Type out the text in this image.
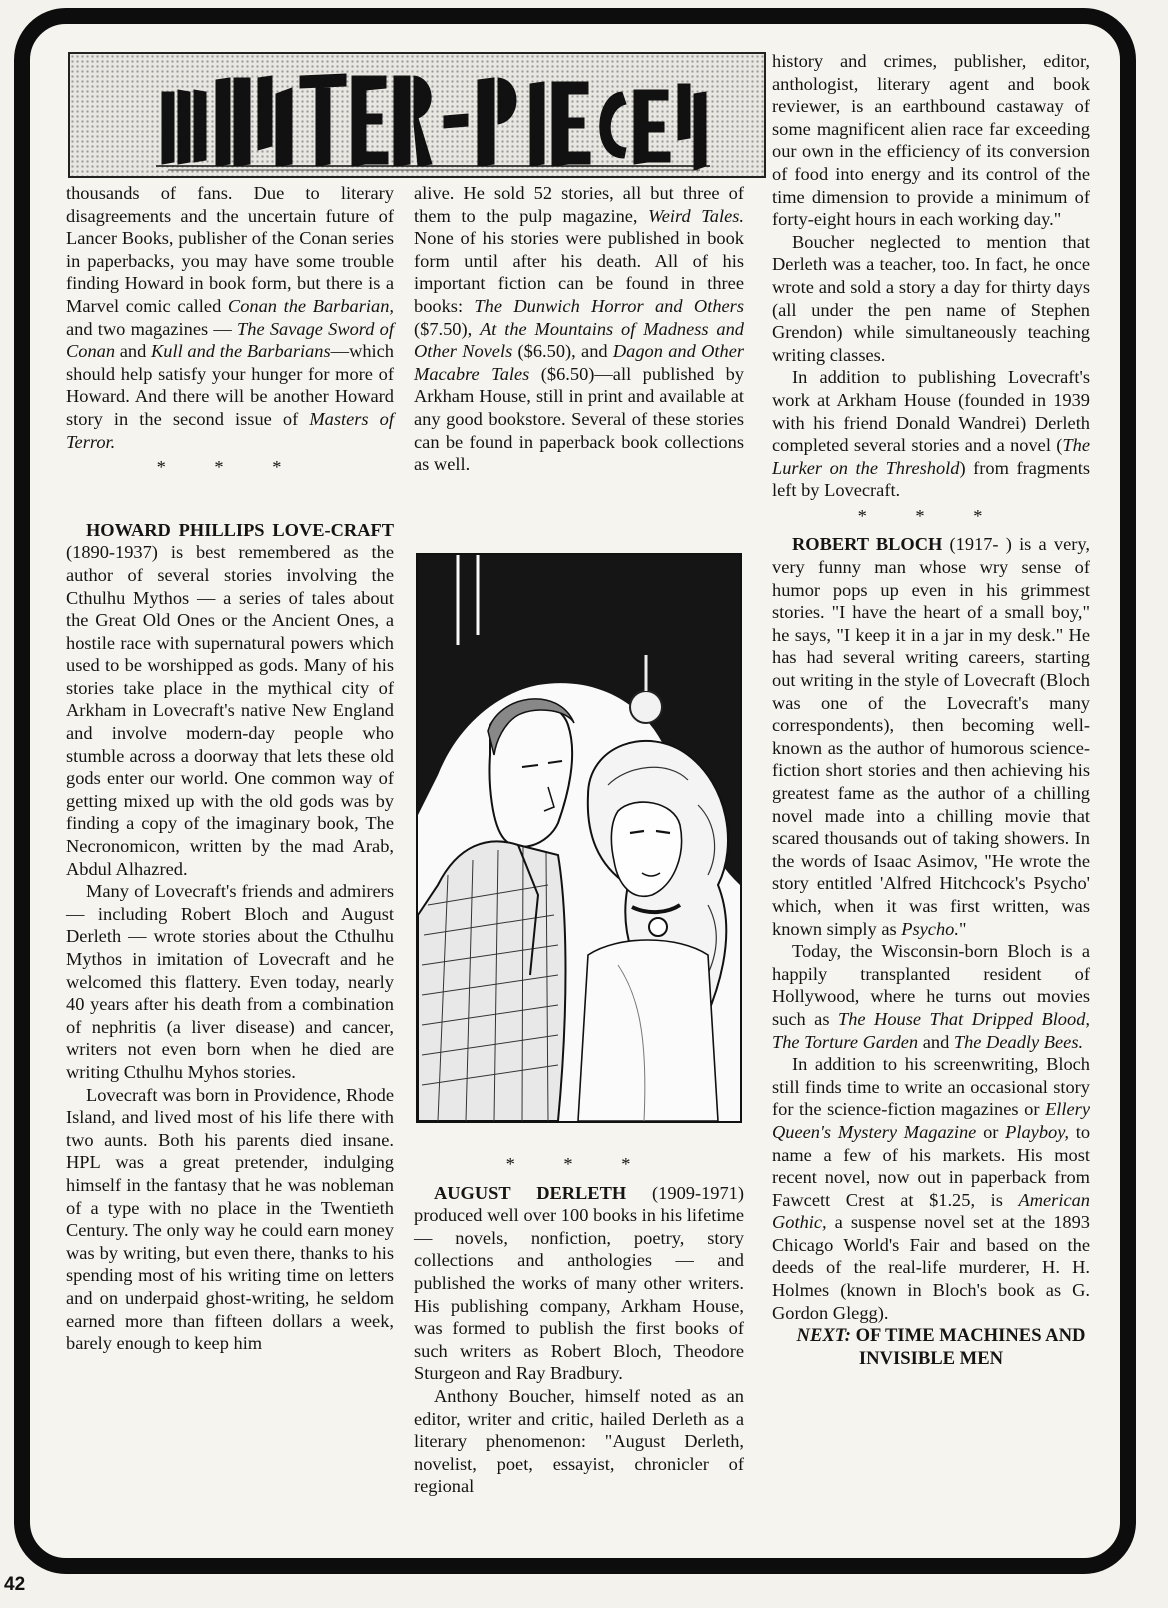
thousands of fans. Due to literary disagreements and the uncertain future of Lancer Books, publisher of the Conan series in paperbacks, you may have some trouble finding Howard in book form, but there is a Marvel comic called Conan the Barbarian, and two magazines — The Savage Sword of Conan and Kull and the Barbarians—which should help satisfy your hunger for more of Howard. And there will be another Howard story in the second issue of Masters of Terror.

* * *

HOWARD PHILLIPS LOVE-CRAFT (1890-1937) is best remembered as the author of several stories involving the Cthulhu Mythos — a series of tales about the Great Old Ones or the Ancient Ones, a hostile race with supernatural powers which used to be worshipped as gods. Many of his stories take place in the mythical city of Arkham in Lovecraft's native New England and involve modern-day people who stumble across a doorway that lets these old gods enter our world. One common way of getting mixed up with the old gods was by finding a copy of the imaginary book, The Necronomicon, written by the mad Arab, Abdul Alhazred.

Many of Lovecraft's friends and admirers — including Robert Bloch and August Derleth — wrote stories about the Cthulhu Mythos in imitation of Lovecraft and he welcomed this flattery. Even today, nearly 40 years after his death from a combination of nephritis (a liver disease) and cancer, writers not even born when he died are writing Cthulhu Myhos stories.

Lovecraft was born in Providence, Rhode Island, and lived most of his life there with two aunts. Both his parents died insane. HPL was a great pretender, indulging himself in the fantasy that he was nobleman of a type with no place in the Twentieth Century. The only way he could earn money was by writing, but even there, thanks to his spending most of his writing time on letters and on underpaid ghost-writing, he seldom earned more than fifteen dollars a week, barely enough to keep him

alive. He sold 52 stories, all but three of them to the pulp magazine, Weird Tales. None of his stories were published in book form until after his death. All of his important fiction can be found in three books: The Dunwich Horror and Others ($7.50), At the Mountains of Madness and Other Novels ($6.50), and Dagon and Other Macabre Tales ($6.50)—all published by Arkham House, still in print and available at any good bookstore. Several of these stories can be found in paperback book collections as well.

* * *

AUGUST DERLETH (1909-1971) produced well over 100 books in his lifetime — novels, nonfiction, poetry, story collections and anthologies — and published the works of many other writers. His publishing company, Arkham House, was formed to publish the first books of such writers as Robert Bloch, Theodore Sturgeon and Ray Bradbury.

Anthony Boucher, himself noted as an editor, writer and critic, hailed Derleth as a literary phenomenon: "August Derleth, novelist, poet, essayist, chronicler of regional

history and crimes, publisher, editor, anthologist, literary agent and book reviewer, is an earthbound castaway of some magnificent alien race far exceeding our own in the efficiency of its conversion of food into energy and its control of the time dimension to provide a minimum of forty-eight hours in each working day."

Boucher neglected to mention that Derleth was a teacher, too. In fact, he once wrote and sold a story a day for thirty days (all under the pen name of Stephen Grendon) while simultaneously teaching writing classes.

In addition to publishing Lovecraft's work at Arkham House (founded in 1939 with his friend Donald Wandrei) Derleth completed several stories and a novel (The Lurker on the Threshold) from fragments left by Lovecraft.

* * *

ROBERT BLOCH (1917- ) is a very, very funny man whose wry sense of humor pops up even in his grimmest stories. "I have the heart of a small boy," he says, "I keep it in a jar in my desk." He has had several writing careers, starting out writing in the style of Lovecraft (Bloch was one of the Lovecraft's many correspondents), then becoming well-known as the author of humorous science-fiction short stories and then achieving his greatest fame as the author of a chilling novel made into a chilling movie that scared thousands out of taking showers. In the words of Isaac Asimov, "He wrote the story entitled 'Alfred Hitchcock's Psycho' which, when it was first written, was known simply as Psycho."

Today, the Wisconsin-born Bloch is a happily transplanted resident of Hollywood, where he turns out movies such as The House That Dripped Blood, The Torture Garden and The Deadly Bees.

In addition to his screenwriting, Bloch still finds time to write an occasional story for the science-fiction magazines or Ellery Queen's Mystery Magazine or Playboy, to name a few of his markets. His most recent novel, now out in paperback from Fawcett Crest at $1.25, is American Gothic, a suspense novel set at the 1893 Chicago World's Fair and based on the deeds of the real-life murderer, H. H. Holmes (known in Bloch's book as G. Gordon Glegg).

NEXT: OF TIME MACHINES AND INVISIBLE MEN

42
